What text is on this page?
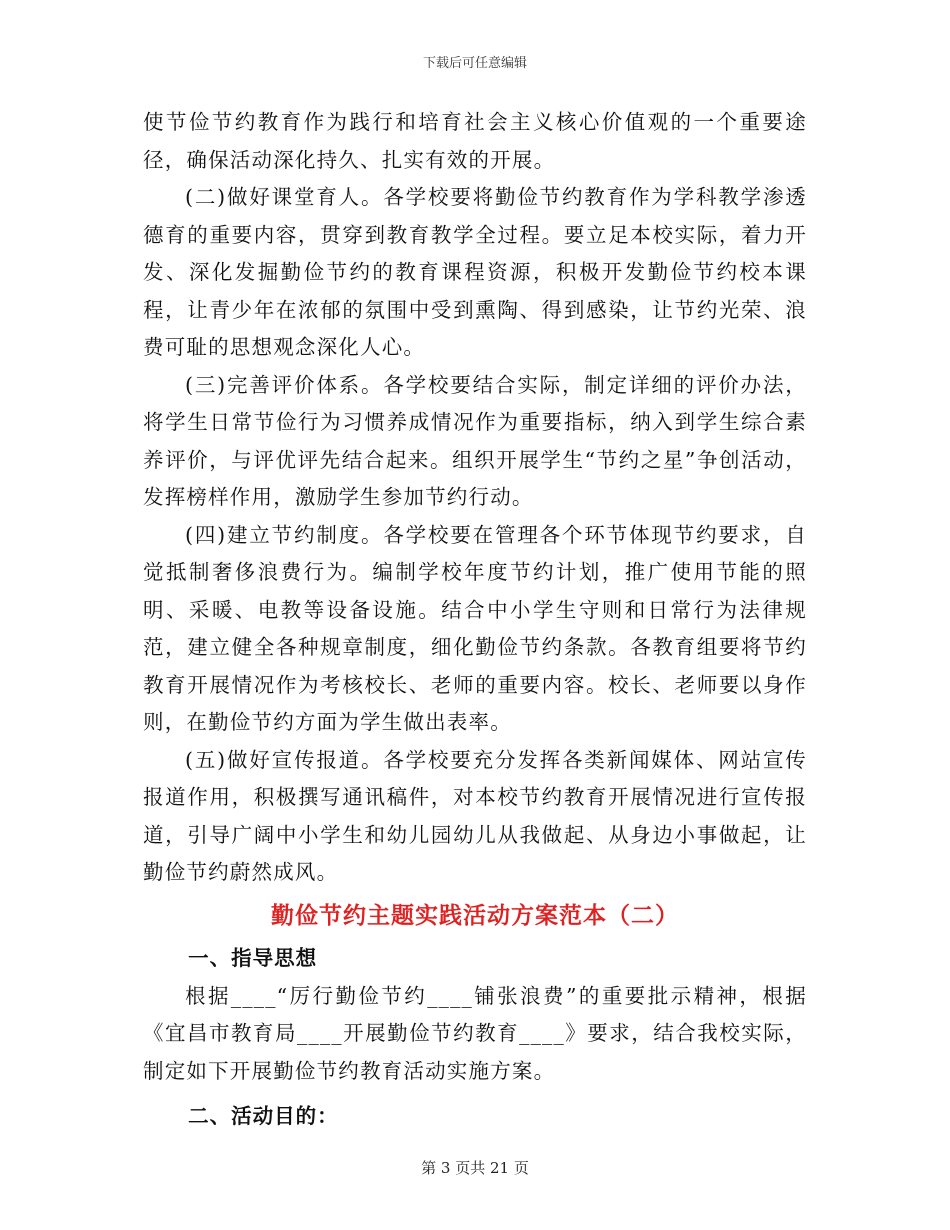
下载后可任意编辑

使节俭节约教育作为践行和培育社会主义核心价值观的一个重要途径，确保活动深化持久、扎实有效的开展。

(二)做好课堂育人。各学校要将勤俭节约教育作为学科教学渗透德育的重要内容，贯穿到教育教学全过程。要立足本校实际，着力开发、深化发掘勤俭节约的教育课程资源，积极开发勤俭节约校本课程，让青少年在浓郁的氛围中受到熏陶、得到感染，让节约光荣、浪费可耻的思想观念深化人心。

(三)完善评价体系。各学校要结合实际，制定详细的评价办法，将学生日常节俭行为习惯养成情况作为重要指标，纳入到学生综合素养评价，与评优评先结合起来。组织开展学生“节约之星”争创活动，发挥榜样作用，激励学生参加节约行动。

(四)建立节约制度。各学校要在管理各个环节体现节约要求，自觉抵制奢侈浪费行为。编制学校年度节约计划，推广使用节能的照明、采暖、电教等设备设施。结合中小学生守则和日常行为法律规范，建立健全各种规章制度，细化勤俭节约条款。各教育组要将节约教育开展情况作为考核校长、老师的重要内容。校长、老师要以身作则，在勤俭节约方面为学生做出表率。

(五)做好宣传报道。各学校要充分发挥各类新闻媒体、网站宣传报道作用，积极撰写通讯稿件，对本校节约教育开展情况进行宣传报道，引导广阔中小学生和幼儿园幼儿从我做起、从身边小事做起，让勤俭节约蔚然成风。

勤俭节约主题实践活动方案范本（二）

一、指导思想

根据____“厉行勤俭节约____铺张浪费”的重要批示精神，根据《宜昌市教育局____开展勤俭节约教育____》要求，结合我校实际，制定如下开展勤俭节约教育活动实施方案。

二、活动目的：

第 3 页共 21 页
